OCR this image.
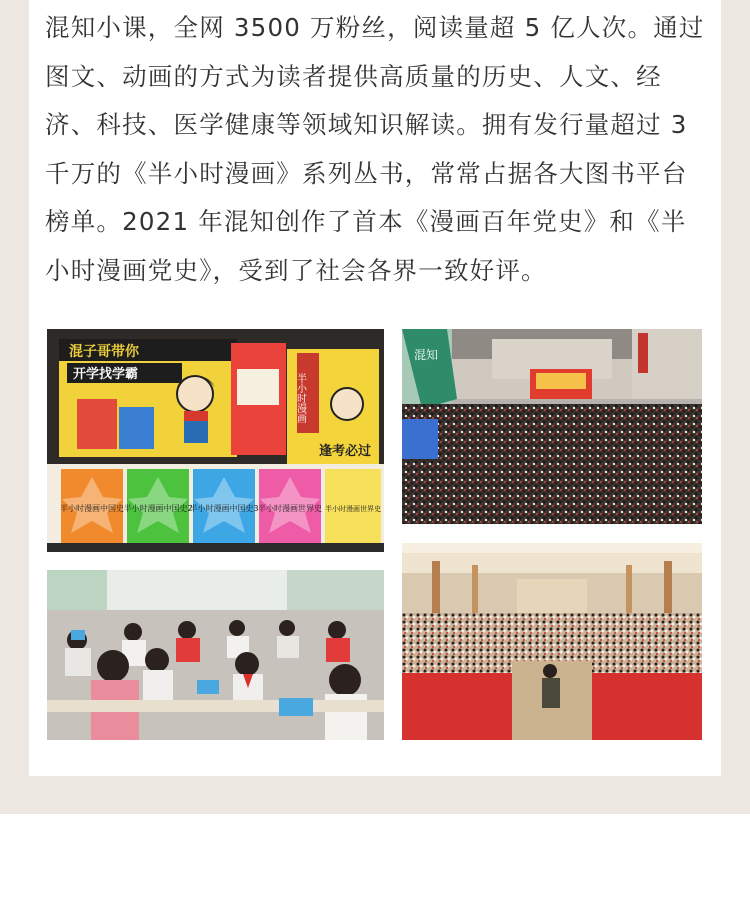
混知小课，全网 3500 万粉丝，阅读量超 5 亿人次。通过图文、动画的方式为读者提供高质量的历史、人文、经济、科技、医学健康等领域知识解读。拥有发行量超过 3 千万的《半小时漫画》系列丛书，常常占据各大图书平台榜单。2021 年混知创作了首本《漫画百年党史》和《半小时漫画党史》，受到了社会各界一致好评。

混子哥带你
开学找学霸	半小时漫画
逢考必过
半小时漫画中国史 半小时漫画中国史2
半小时漫画中国史3 半小时漫画世界史 半小时漫画世界史
混知
